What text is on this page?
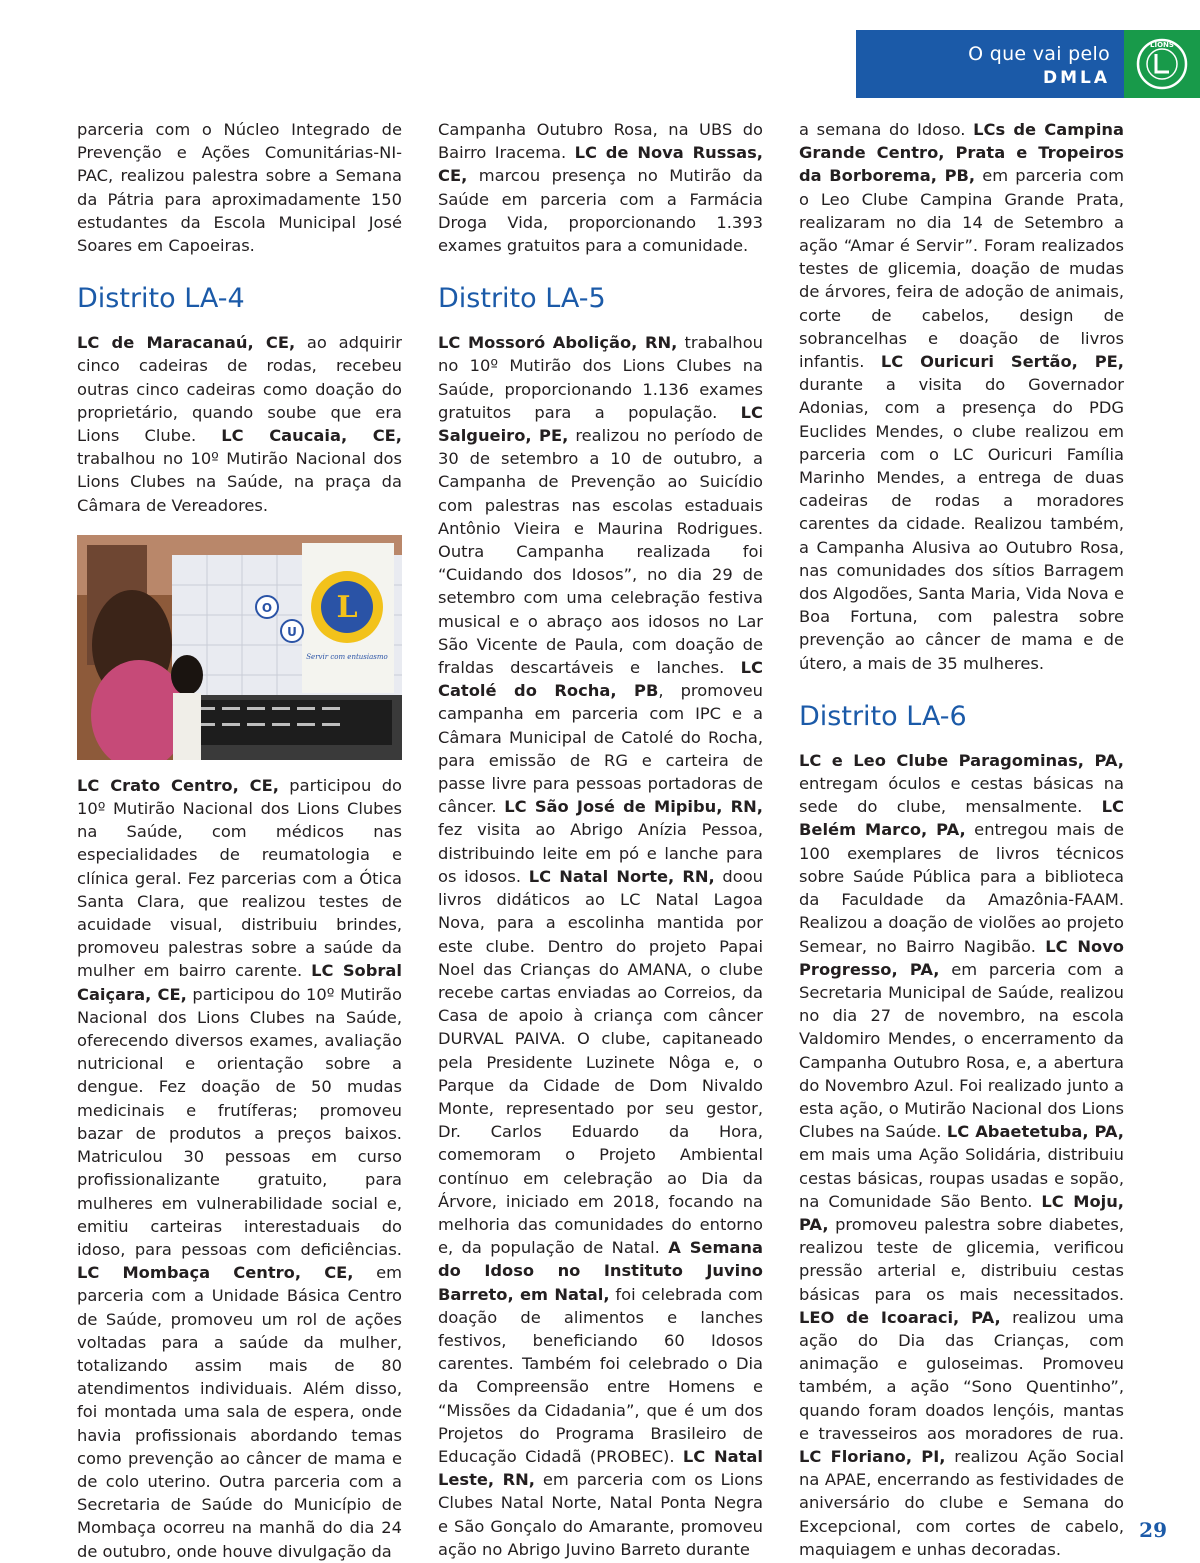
O que vai pelo
DMLA
LIONS

parceria com o Núcleo Integrado de Prevenção e Ações Comunitárias-NI-PAC, realizou palestra sobre a Semana da Pátria para aproximadamente 150 estudantes da Escola Municipal José Soares em Capoeiras.

Distrito LA-4

LC de Maracanaú, CE, ao adquirir cinco cadeiras de rodas, recebeu outras cinco cadeiras como doação do proprietário, quando soube que era Lions Clube. LC Caucaia, CE, trabalhou no 10º Mutirão Nacional dos Lions Clubes na Saúde, na praça da Câmara de Vereadores.

L
Servir com entusiasmo
O
U

LC Crato Centro, CE, participou do 10º Mutirão Nacional dos Lions Clubes na Saúde, com médicos nas especialidades de reumatologia e clínica geral. Fez parcerias com a Ótica Santa Clara, que realizou testes de acuidade visual, distribuiu brindes, promoveu palestras sobre a saúde da mulher em bairro carente. LC Sobral Caiçara, CE, participou do 10º Mutirão Nacional dos Lions Clubes na Saúde, oferecendo diversos exames, avaliação nutricional e orientação sobre a dengue. Fez doação de 50 mudas medicinais e frutíferas; promoveu bazar de produtos a preços baixos. Matriculou 30 pessoas em curso profissionalizante gratuito, para mulheres em vulnerabilidade social e, emitiu carteiras interestaduais do idoso, para pessoas com deficiências. LC Mombaça Centro, CE, em parceria com a Unidade Básica Centro de Saúde, promoveu um rol de ações voltadas para a saúde da mulher, totalizando assim mais de 80 atendimentos individuais. Além disso, foi montada uma sala de espera, onde havia profissionais abordando temas como prevenção ao câncer de mama e de colo uterino. Outra parceria com a Secretaria de Saúde do Município de Mombaça ocorreu na manhã do dia 24 de outubro, onde houve divulgação da

Campanha Outubro Rosa, na UBS do Bairro Iracema. LC de Nova Russas, CE, marcou presença no Mutirão da Saúde em parceria com a Farmácia Droga Vida, proporcionando 1.393 exames gratuitos para a comunidade.

Distrito LA-5

LC Mossoró Abolição, RN, trabalhou no 10º Mutirão dos Lions Clubes na Saúde, proporcionando 1.136 exames gratuitos para a população. LC Salgueiro, PE, realizou no período de 30 de setembro a 10 de outubro, a Campanha de Prevenção ao Suicídio com palestras nas escolas estaduais Antônio Vieira e Maurina Rodrigues. Outra Campanha realizada foi “Cuidando dos Idosos”, no dia 29 de setembro com uma celebração festiva musical e o abraço aos idosos no Lar São Vicente de Paula, com doação de fraldas descartáveis e lanches. LC Catolé do Rocha, PB, promoveu campanha em parceria com IPC e a Câmara Municipal de Catolé do Rocha, para emissão de RG e carteira de passe livre para pessoas portadoras de câncer. LC São José de Mipibu, RN, fez visita ao Abrigo Anízia Pessoa, distribuindo leite em pó e lanche para os idosos. LC Natal Norte, RN, doou livros didáticos ao LC Natal Lagoa Nova, para a escolinha mantida por este clube. Dentro do projeto Papai Noel das Crianças do AMANA, o clube recebe cartas enviadas ao Correios, da Casa de apoio à criança com câncer DURVAL PAIVA. O clube, capitaneado pela Presidente Luzinete Nôga e, o Parque da Cidade de Dom Nivaldo Monte, representado por seu gestor, Dr. Carlos Eduardo da Hora, comemoram o Projeto Ambiental contínuo em celebração ao Dia da Árvore, iniciado em 2018, focando na melhoria das comunidades do entorno e, da população de Natal. A Semana do Idoso no Instituto Juvino Barreto, em Natal, foi celebrada com doação de alimentos e lanches festivos, beneficiando 60 Idosos carentes. Também foi celebrado o Dia da Compreensão entre Homens e “Missões da Cidadania”, que é um dos Projetos do Programa Brasileiro de Educação Cidadã (PROBEC). LC Natal Leste, RN, em parceria com os Lions Clubes Natal Norte, Natal Ponta Negra e São Gonçalo do Amarante, promoveu ação no Abrigo Juvino Barreto durante

a semana do Idoso. LCs de Campina Grande Centro, Prata e Tropeiros da Borborema, PB, em parceria com o Leo Clube Campina Grande Prata, realizaram no dia 14 de Setembro a ação “Amar é Servir”. Foram realizados testes de glicemia, doação de mudas de árvores, feira de adoção de animais, corte de cabelos, design de sobrancelhas e doação de livros infantis. LC Ouricuri Sertão, PE, durante a visita do Governador Adonias, com a presença do PDG Euclides Mendes, o clube realizou em parceria com o LC Ouricuri Família Marinho Mendes, a entrega de duas cadeiras de rodas a moradores carentes da cidade. Realizou também, a Campanha Alusiva ao Outubro Rosa, nas comunidades dos sítios Barragem dos Algodões, Santa Maria, Vida Nova e Boa Fortuna, com palestra sobre prevenção ao câncer de mama e de útero, a mais de 35 mulheres.

Distrito LA-6

LC e Leo Clube Paragominas, PA, entregam óculos e cestas básicas na sede do clube, mensalmente. LC Belém Marco, PA, entregou mais de 100 exemplares de livros técnicos sobre Saúde Pública para a biblioteca da Faculdade da Amazônia-FAAM. Realizou a doação de violões ao projeto Semear, no Bairro Nagibão. LC Novo Progresso, PA, em parceria com a Secretaria Municipal de Saúde, realizou no dia 27 de novembro, na escola Valdomiro Mendes, o encerramento da Campanha Outubro Rosa, e, a abertura do Novembro Azul. Foi realizado junto a esta ação, o Mutirão Nacional dos Lions Clubes na Saúde. LC Abaetetuba, PA, em mais uma Ação Solidária, distribuiu cestas básicas, roupas usadas e sopão, na Comunidade São Bento. LC Moju, PA, promoveu palestra sobre diabetes, realizou teste de glicemia, verificou pressão arterial e, distribuiu cestas básicas para os mais necessitados. LEO de Icoaraci, PA, realizou uma ação do Dia das Crianças, com animação e guloseimas. Promoveu também, a ação “Sono Quentinho”, quando foram doados lençóis, mantas e travesseiros aos moradores de rua. LC Floriano, PI, realizou Ação Social na APAE, encerrando as festividades de aniversário do clube e Semana do Excepcional, com cortes de cabelo, maquiagem e unhas decoradas.

29
